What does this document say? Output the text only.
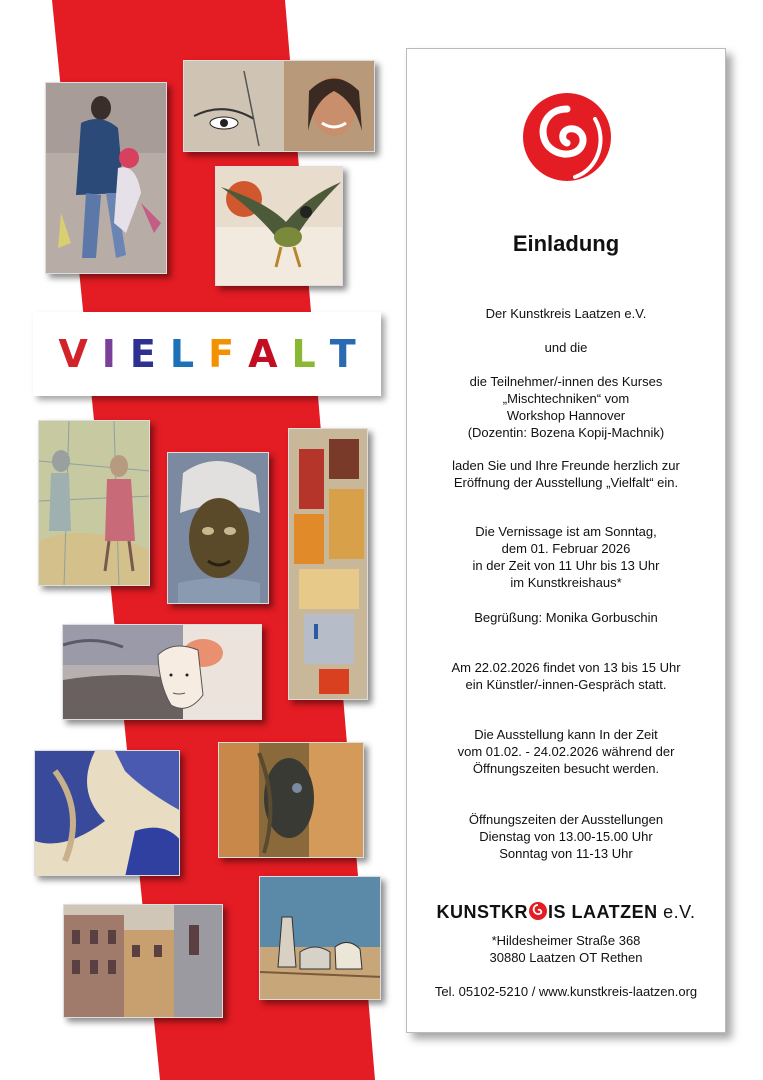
V I E L F A L T
Einladung
Der Kunstkreis Laatzen e.V.
und die
die Teilnehmer/-innen des Kurses
„Mischtechniken“ vom
Workshop Hannover
(Dozentin: Bozena Kopij-Machnik)
laden Sie und Ihre Freunde herzlich zur
Eröffnung der Ausstellung „Vielfalt“ ein.
Die Vernissage ist am Sonntag,
dem 01. Februar 2026
in der Zeit von 11 Uhr bis 13 Uhr
im Kunstkreishaus*
Begrüßung: Monika Gorbuschin
Am 22.02.2026 findet von 13 bis 15 Uhr
ein Künstler/-innen-Gespräch statt.
Die Ausstellung kann In der Zeit
vom 01.02. - 24.02.2026 während der
Öffnungszeiten besucht werden.
Öffnungszeiten der Ausstellungen
Dienstag von 13.00-15.00 Uhr
Sonntag von 11-13 Uhr
KUNSTKR IS LAATZEN e.V.
*Hildesheimer Straße 368
30880 Laatzen OT Rethen
Tel. 05102-5210 / www.kunstkreis-laatzen.org
